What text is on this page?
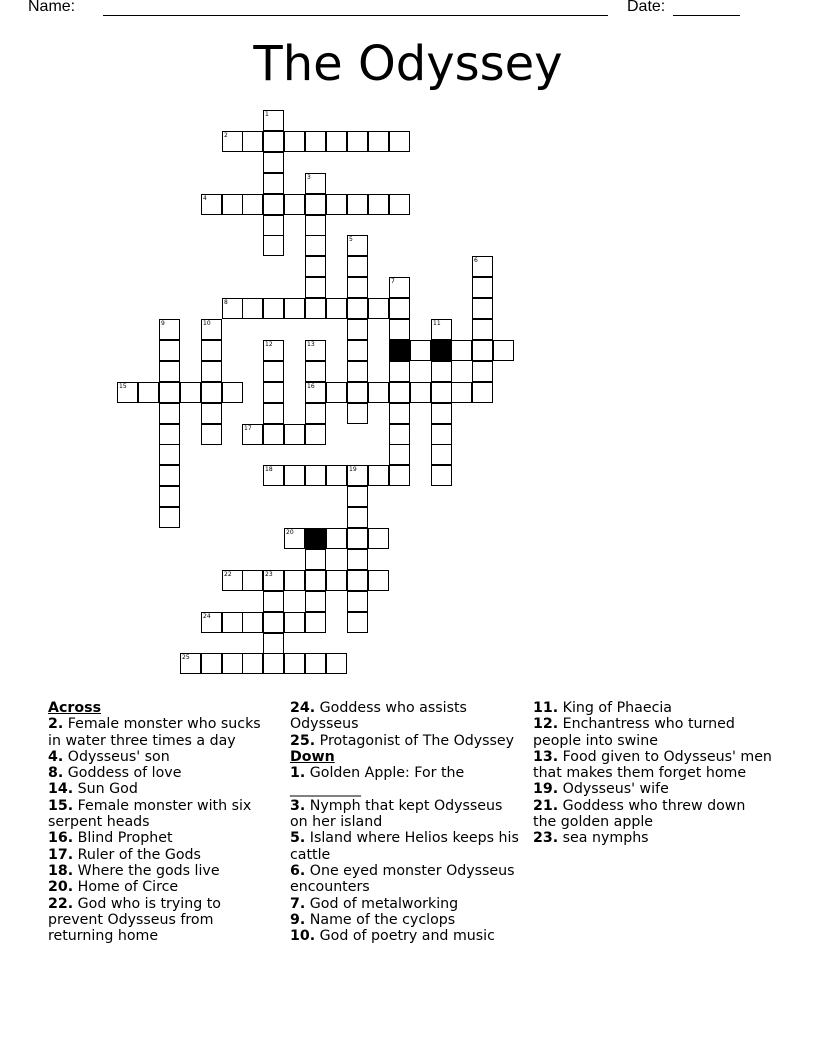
Name:	Date:
The Odyssey
1
2
3
4
5
6
7
14
8
9	10	11
12	13
16
15
17
18	19
20 21
22	23
24
25
Across
2. Female monster who sucks in water three times a day
4. Odysseus' son
8. Goddess of love
14. Sun God
15. Female monster with six serpent heads
16. Blind Prophet
17. Ruler of the Gods
18. Where the gods live
20. Home of Circe
22. God who is trying to prevent Odysseus from returning home
24. Goddess who assists Odysseus
25. Protagonist of The Odyssey
Down
1. Golden Apple: For the __________
3. Nymph that kept Odysseus on her island
5. Island where Helios keeps his cattle
6. One eyed monster Odysseus encounters
7. God of metalworking
9. Name of the cyclops
10. God of poetry and music
11. King of Phaecia
12. Enchantress who turned people into swine
13. Food given to Odysseus' men that makes them forget home
19. Odysseus' wife
21. Goddess who threw down the golden apple
23. sea nymphs
